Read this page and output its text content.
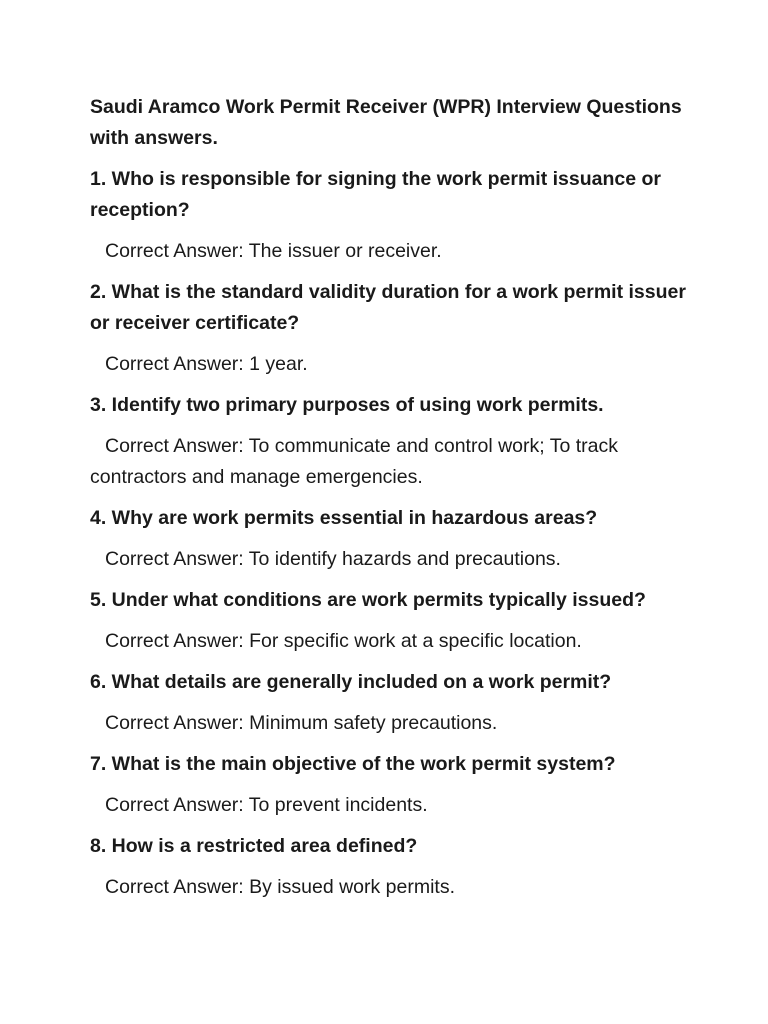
Saudi Aramco Work Permit Receiver (WPR) Interview Questions with answers.
1. Who is responsible for signing the work permit issuance or reception?
Correct Answer: The issuer or receiver.
2. What is the standard validity duration for a work permit issuer or receiver certificate?
Correct Answer: 1 year.
3. Identify two primary purposes of using work permits.
Correct Answer: To communicate and control work; To track contractors and manage emergencies.
4. Why are work permits essential in hazardous areas?
Correct Answer: To identify hazards and precautions.
5. Under what conditions are work permits typically issued?
Correct Answer: For specific work at a specific location.
6. What details are generally included on a work permit?
Correct Answer: Minimum safety precautions.
7. What is the main objective of the work permit system?
Correct Answer: To prevent incidents.
8. How is a restricted area defined?
Correct Answer: By issued work permits.
